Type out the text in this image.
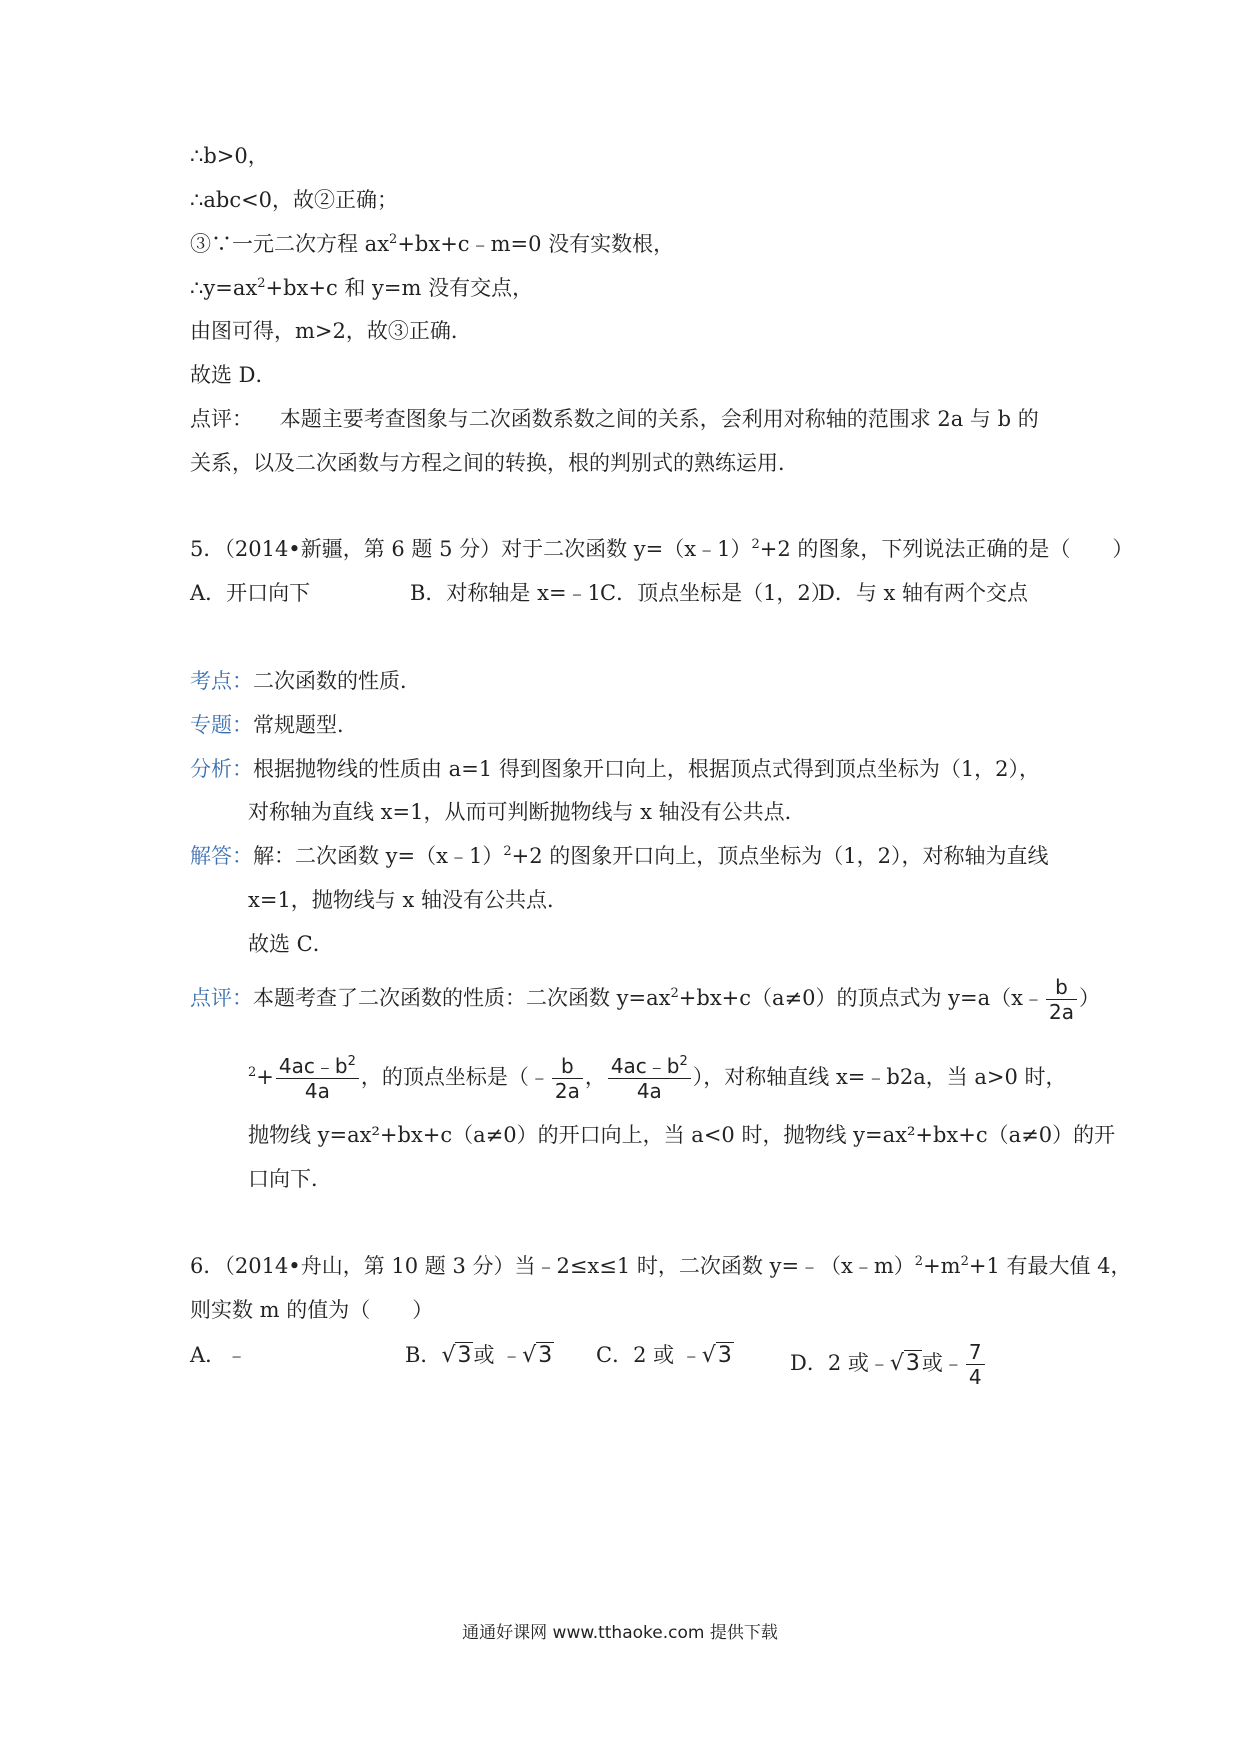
∴b>0，
∴abc<0，故②正确；
③∵一元二次方程 $ax^2+bx+c﹣m=0$ 没有实数根，
$\therefore y=ax^2+bx+c$ 和 y=m 没有交点，
由图可得，m>2，故③正确．
故选 D．
点评： 本题主要考查图象与二次函数系数之间的关系，会利用对称轴的范围求 2a 与 b 的
关系，以及二次函数与方程之间的转换，根的判别式的熟练运用．
5．（2014•新疆，第 6 题 5 分）对于二次函数 y=（x﹣1）$^2$+2 的图象，下列说法正确的是（　　）
A．开口向下	B．对称轴是 x=﹣1 C．顶点坐标是（1，2）
D．与 x 轴有两个交点
考点：二次函数的性质．
专题：常规题型．
分析：根据抛物线的性质由 a=1 得到图象开口向上，根据顶点式得到顶点坐标为（1，2），
对称轴为直线 x=1，从而可判断抛物线与 x 轴没有公共点．
解答：解：二次函数 y=（x﹣1）$^2$+2 的图象开口向上，顶点坐标为（1，2），对称轴为直线
x=1，抛物线与 x 轴没有公共点．
故选 C．
点评：本题考查了二次函数的性质：二次函数 $y=ax^2+bx+c(a\ne 0)$的顶点式为 y=a（x﹣ $\frac{b}{2a}$ ）
$^2+ \frac{4ac﹣b^2}{4a}$ ，的顶点坐标是（﹣ $\frac{b}{2a}$ ， $\frac{4ac﹣b^2}{4a}$ ），对称轴直线 x=﹣b2a，当 a>0 时，
抛物线 y=ax²+bx+c（a≠0）的开口向上，当 a<0 时，抛物线 y=ax²+bx+c（a≠0）的开
口向下．
6．（2014•舟山，第 10 题 3 分）当﹣2≤x≤1 时，二次函数 $y=﹣(x﹣m)^2+m^2+1$ 有最大值 4，
则实数 m 的值为（　　）
A．﹣	B．√3或 ﹣√3 C．2 或 ﹣√3	D．2 或﹣√3或﹣ $\frac{7}{4}$
通通好课网 www.tthaoke.com 提供下载
